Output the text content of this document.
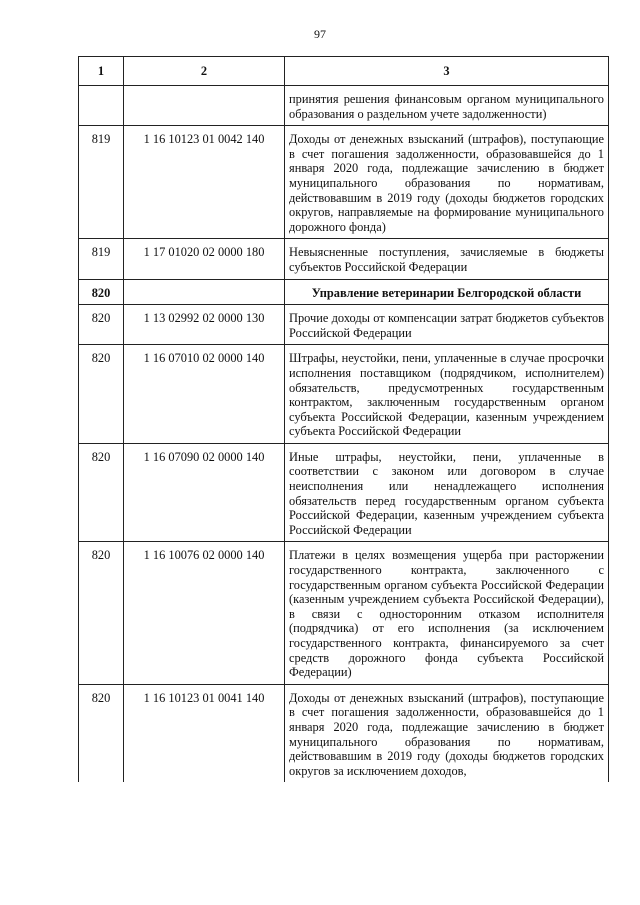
97
1	2	3
		принятия решения финансовым органом муниципального образования о раздельном учете задолженности)
819	1 16 10123 01 0042 140	Доходы от денежных взысканий (штрафов), поступающие в счет погашения задолженности, образовавшейся до 1 января 2020 года, подлежащие зачислению в бюджет муниципального образования по нормативам, действовавшим в 2019 году (доходы бюджетов городских округов, направляемые на формирование муниципального дорожного фонда)
819	1 17 01020 02 0000 180	Невыясненные поступления, зачисляемые в бюджеты субъектов Российской Федерации
820		Управление ветеринарии Белгородской области
820	1 13 02992 02 0000 130	Прочие доходы от компенсации затрат бюджетов субъектов Российской Федерации
820	1 16 07010 02 0000 140	Штрафы, неустойки, пени, уплаченные в случае просрочки исполнения поставщиком (подрядчиком, исполнителем) обязательств, предусмотренных государственным контрактом, заключенным государственным органом субъекта Российской Федерации, казенным учреждением субъекта Российской Федерации
820	1 16 07090 02 0000 140	Иные штрафы, неустойки, пени, уплаченные в соответствии с законом или договором в случае неисполнения или ненадлежащего исполнения обязательств перед государственным органом субъекта Российской Федерации, казенным учреждением субъекта Российской Федерации
820	1 16 10076 02 0000 140	Платежи в целях возмещения ущерба при расторжении государственного контракта, заключенного с государственным органом субъекта Российской Федерации (казенным учреждением субъекта Российской Федерации), в связи с односторонним отказом исполнителя (подрядчика) от его исполнения (за исключением государственного контракта, финансируемого за счет средств дорожного фонда субъекта Российской Федерации)
820	1 16 10123 01 0041 140	Доходы от денежных взысканий (штрафов), поступающие в счет погашения задолженности, образовавшейся до 1 января 2020 года, подлежащие зачислению в бюджет муниципального образования по нормативам, действовавшим в 2019 году (доходы бюджетов городских округов за исключением доходов,
